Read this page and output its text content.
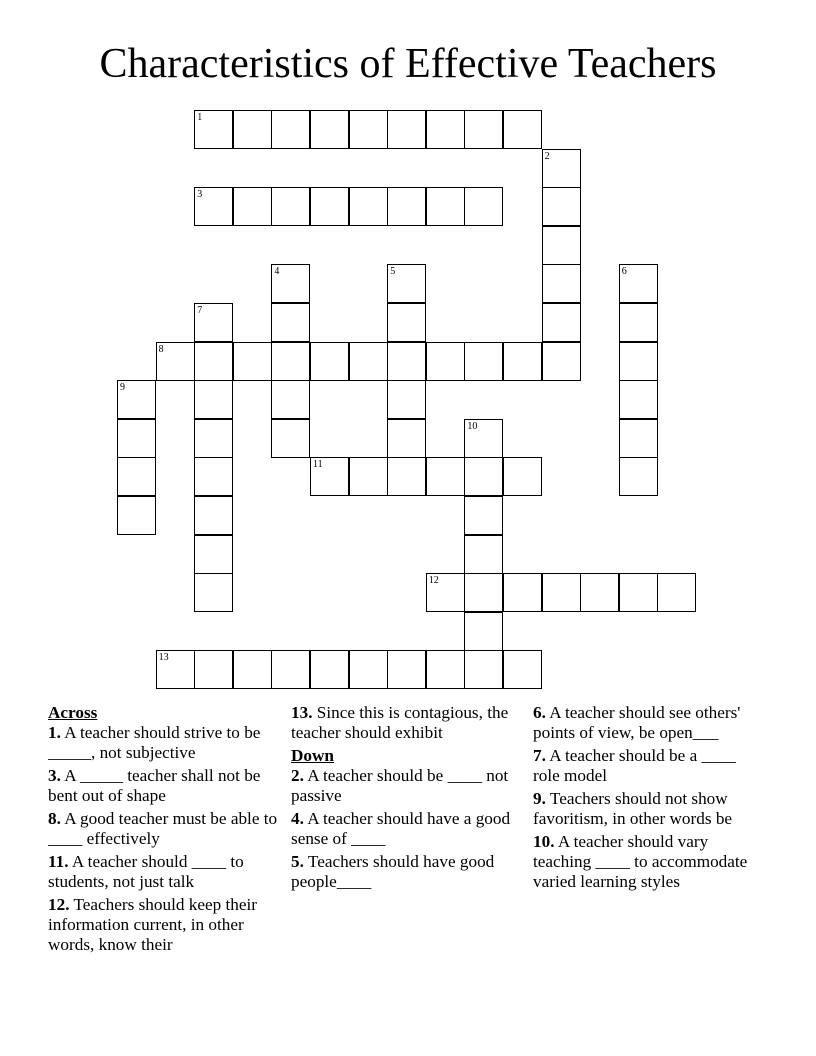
Characteristics of Effective Teachers
1
2
3
4	5	6
7
8
9
10
11
12
13
Across
1. A teacher should strive to be _____, not subjective
3. A _____ teacher shall not be bent out of shape
8. A good teacher must be able to ____ effectively
11. A teacher should ____ to students, not just talk
12. Teachers should keep their information current, in other words, know their
13. Since this is contagious, the teacher should exhibit
Down
2. A teacher should be ____ not passive
4. A teacher should have a good sense of ____
5. Teachers should have good people____
6. A teacher should see others' points of view, be open___
7. A teacher should be a ____ role model
9. Teachers should not show favoritism, in other words be
10. A teacher should vary teaching ____ to accommodate varied learning styles
